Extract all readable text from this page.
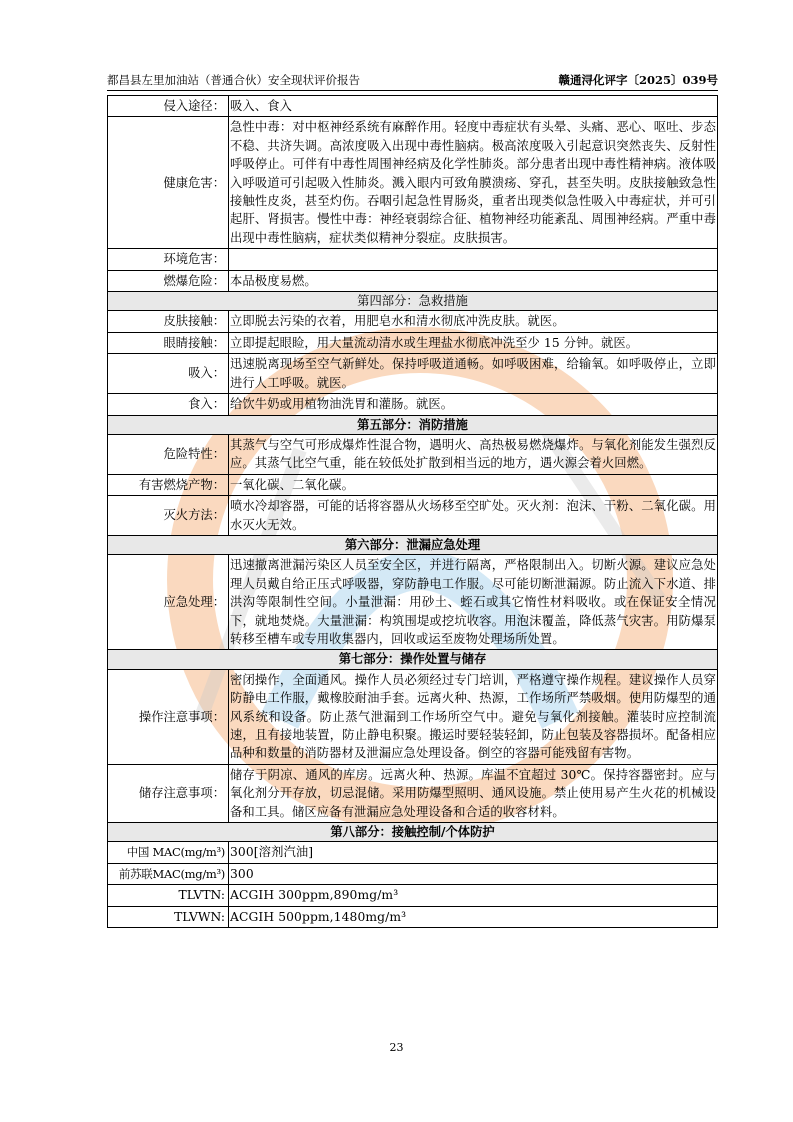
都昌县左里加油站（普通合伙）安全现状评价报告	赣通浔化评字〔2025〕039号
侵入途径：	吸入、食入
健康危害：	急性中毒：对中枢神经系统有麻醉作用。轻度中毒症状有头晕、头痛、恶心、呕吐、步态不稳、共济失调。高浓度吸入出现中毒性脑病。极高浓度吸入引起意识突然丧失、反射性呼吸停止。可伴有中毒性周围神经病及化学性肺炎。部分患者出现中毒性精神病。液体吸入呼吸道可引起吸入性肺炎。溅入眼内可致角膜溃疡、穿孔，甚至失明。皮肤接触致急性接触性皮炎，甚至灼伤。吞咽引起急性胃肠炎，重者出现类似急性吸入中毒症状，并可引起肝、肾损害。慢性中毒：神经衰弱综合征、植物神经功能紊乱、周围神经病。严重中毒出现中毒性脑病，症状类似精神分裂症。皮肤损害。
环境危害：	
燃爆危险：	本品极度易燃。
第四部分：急救措施	
皮肤接触：	立即脱去污染的衣着，用肥皂水和清水彻底冲洗皮肤。就医。
眼睛接触：	立即提起眼睑，用大量流动清水或生理盐水彻底冲洗至少 15 分钟。就医。
吸入：	迅速脱离现场至空气新鲜处。保持呼吸道通畅。如呼吸困难，给输氧。如呼吸停止，立即进行人工呼吸。就医。
食入：	给饮牛奶或用植物油洗胃和灌肠。就医。
第五部分：消防措施	
危险特性：	其蒸气与空气可形成爆炸性混合物，遇明火、高热极易燃烧爆炸。与氧化剂能发生强烈反应。其蒸气比空气重，能在较低处扩散到相当远的地方，遇火源会着火回燃。
有害燃烧产物：	一氧化碳、二氧化碳。
灭火方法：	喷水冷却容器，可能的话将容器从火场移至空旷处。灭火剂：泡沫、干粉、二氧化碳。用水灭火无效。
第六部分：泄漏应急处理	
应急处理：	迅速撤离泄漏污染区人员至安全区，并进行隔离，严格限制出入。切断火源。建议应急处理人员戴自给正压式呼吸器，穿防静电工作服。尽可能切断泄漏源。防止流入下水道、排洪沟等限制性空间。小量泄漏：用砂土、蛭石或其它惰性材料吸收。或在保证安全情况下，就地焚烧。大量泄漏：构筑围堤或挖坑收容。用泡沫覆盖，降低蒸气灾害。用防爆泵转移至槽车或专用收集器内，回收或运至废物处理场所处置。
第七部分：操作处置与储存	
操作注意事项：	密闭操作，全面通风。操作人员必须经过专门培训，严格遵守操作规程。建议操作人员穿防静电工作服，戴橡胶耐油手套。远离火种、热源，工作场所严禁吸烟。使用防爆型的通风系统和设备。防止蒸气泄漏到工作场所空气中。避免与氧化剂接触。灌装时应控制流速，且有接地装置，防止静电积聚。搬运时要轻装轻卸，防止包装及容器损坏。配备相应品种和数量的消防器材及泄漏应急处理设备。倒空的容器可能残留有害物。
储存注意事项：	储存于阴凉、通风的库房。远离火种、热源。库温不宜超过 30℃。保持容器密封。应与氧化剂分开存放，切忌混储。采用防爆型照明、通风设施。禁止使用易产生火花的机械设备和工具。储区应备有泄漏应急处理设备和合适的收容材料。
第八部分：接触控制/个体防护	
中国 MAC(mg/m³)	300[溶剂汽油]
前苏联MAC(mg/m³)	300
TLVTN:	ACGIH 300ppm,890mg/m³
TLVWN:	ACGIH 500ppm,1480mg/m³
23
